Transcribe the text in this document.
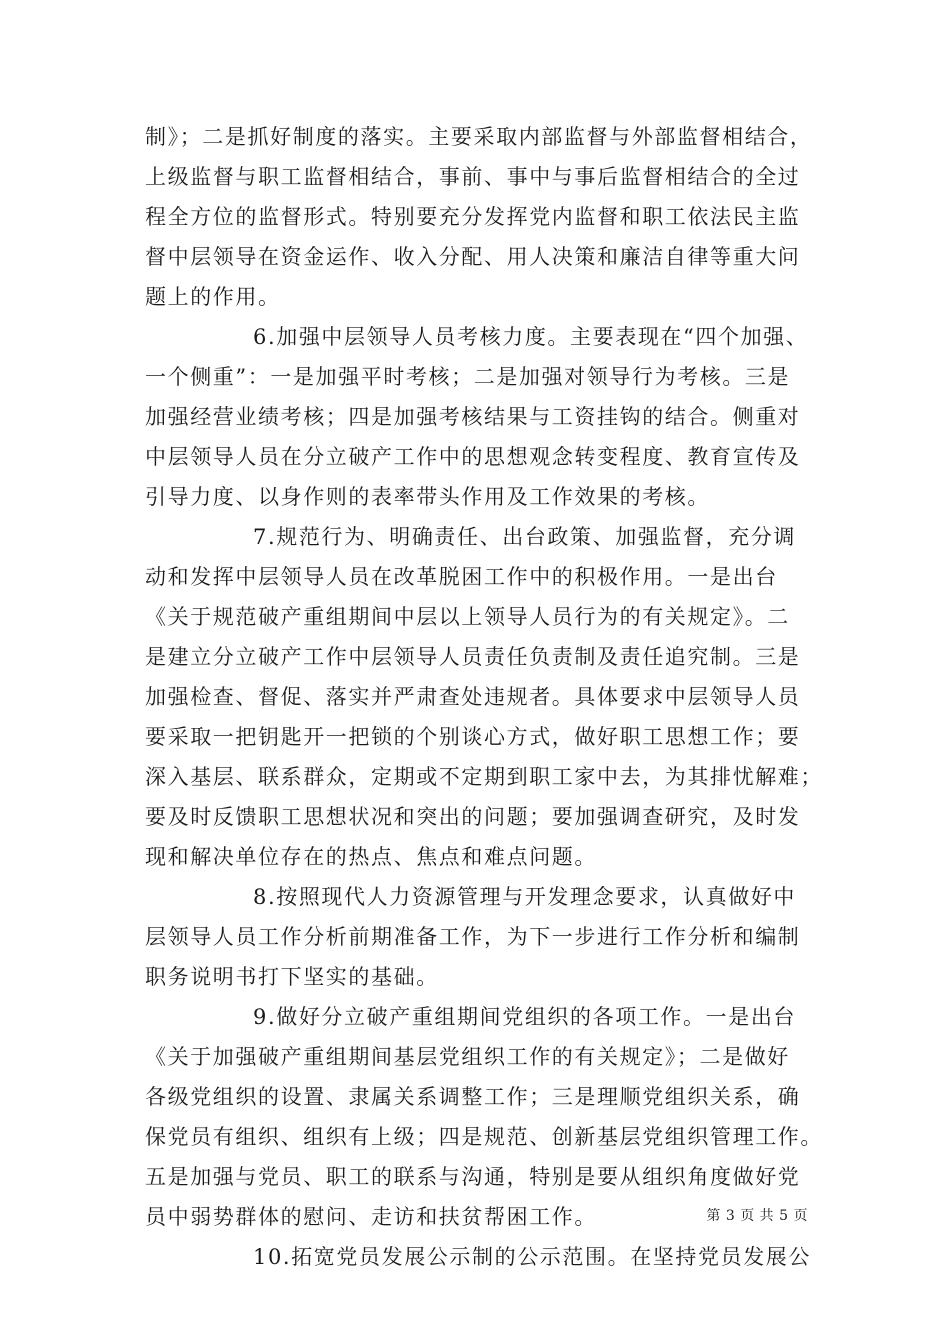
制》；二是抓好制度的落实。主要采取内部监督与外部监督相结合，
上级监督与职工监督相结合，事前、事中与事后监督相结合的全过
程全方位的监督形式。特别要充分发挥党内监督和职工依法民主监
督中层领导在资金运作、收入分配、用人决策和廉洁自律等重大问
题上的作用。
6.加强中层领导人员考核力度。主要表现在“四个加强、
一个侧重”：一是加强平时考核；二是加强对领导行为考核。三是
加强经营业绩考核；四是加强考核结果与工资挂钩的结合。侧重对
中层领导人员在分立破产工作中的思想观念转变程度、教育宣传及
引导力度、以身作则的表率带头作用及工作效果的考核。
7.规范行为、明确责任、出台政策、加强监督，充分调
动和发挥中层领导人员在改革脱困工作中的积极作用。一是出台
《关于规范破产重组期间中层以上领导人员行为的有关规定》。二
是建立分立破产工作中层领导人员责任负责制及责任追究制。三是
加强检查、督促、落实并严肃查处违规者。具体要求中层领导人员
要采取一把钥匙开一把锁的个别谈心方式，做好职工思想工作；要
深入基层、联系群众，定期或不定期到职工家中去，为其排忧解难；
要及时反馈职工思想状况和突出的问题；要加强调查研究，及时发
现和解决单位存在的热点、焦点和难点问题。
8.按照现代人力资源管理与开发理念要求，认真做好中
层领导人员工作分析前期准备工作，为下一步进行工作分析和编制
职务说明书打下坚实的基础。
9.做好分立破产重组期间党组织的各项工作。一是出台
《关于加强破产重组期间基层党组织工作的有关规定》；二是做好
各级党组织的设置、隶属关系调整工作；三是理顺党组织关系，确
保党员有组织、组织有上级；四是规范、创新基层党组织管理工作。
五是加强与党员、职工的联系与沟通，特别是要从组织角度做好党
员中弱势群体的慰问、走访和扶贫帮困工作。
10.拓宽党员发展公示制的公示范围。在坚持党员发展公
第 3 页 共 5 页
